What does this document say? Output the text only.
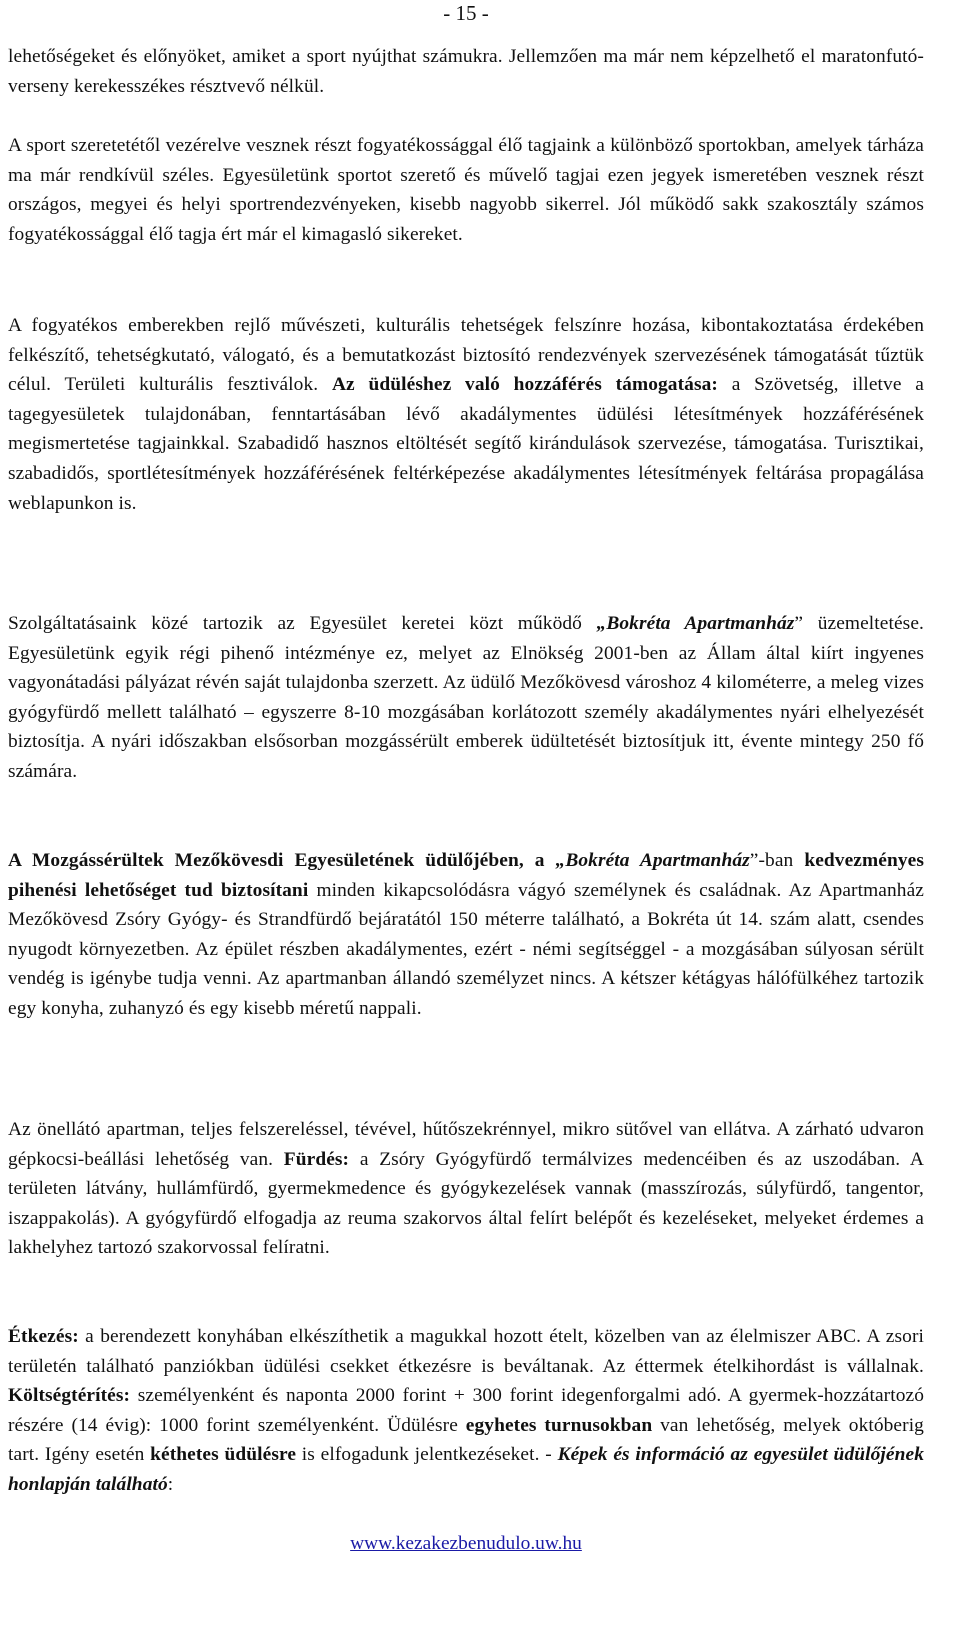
- 15 -

lehetőségeket és előnyöket, amiket a sport nyújthat számukra. Jellemzően ma már nem képzelhető el maratonfutó-verseny kerekesszékes résztvevő nélkül.

A sport szeretetétől vezérelve vesznek részt fogyatékossággal élő tagjaink a különböző sportokban, amelyek tárháza ma már rendkívül széles. Egyesületünk sportot szerető és művelő tagjai ezen jegyek ismeretében vesznek részt országos, megyei és helyi sportrendezvényeken, kisebb nagyobb sikerrel. Jól működő sakk szakosztály számos fogyatékossággal élő tagja ért már el kimagasló sikereket.

A fogyatékos emberekben rejlő művészeti, kulturális tehetségek felszínre hozása, kibontakoztatása érdekében felkészítő, tehetségkutató, válogató, és a bemutatkozást biztosító rendezvények szervezésének támogatását tűztük célul. Területi kulturális fesztiválok. Az üdüléshez való hozzáférés támogatása: a Szövetség, illetve a tagegyesületek tulajdonában, fenntartásában lévő akadálymentes üdülési létesítmények hozzáférésének megismertetése tagjainkkal. Szabadidő hasznos eltöltését segítő kirándulások szervezése, támogatása. Turisztikai, szabadidős, sportlétesítmények hozzáférésének feltérképezése akadálymentes létesítmények feltárása propagálása weblapunkon is.

Szolgáltatásaink közé tartozik az Egyesület keretei közt működő „Bokréta Apartmanház” üzemeltetése. Egyesületünk egyik régi pihenő intézménye ez, melyet az Elnökség 2001-ben az Állam által kiírt ingyenes vagyonátadási pályázat révén saját tulajdonba szerzett. Az üdülő Mezőkövesd városhoz 4 kilométerre, a meleg vizes gyógyfürdő mellett található – egyszerre 8-10 mozgásában korlátozott személy akadálymentes nyári elhelyezését biztosítja. A nyári időszakban elsősorban mozgássérült emberek üdültetését biztosítjuk itt, évente mintegy 250 fő számára.

A Mozgássérültek Mezőkövesdi Egyesületének üdülőjében, a „Bokréta Apartmanház”-ban kedvezményes pihenési lehetőséget tud biztosítani minden kikapcsolódásra vágyó személynek és családnak. Az Apartmanház Mezőkövesd Zsóry Gyógy- és Strandfürdő bejáratától 150 méterre található, a Bokréta út 14. szám alatt, csendes nyugodt környezetben. Az épület részben akadálymentes, ezért - némi segítséggel - a mozgásában súlyosan sérült vendég is igénybe tudja venni. Az apartmanban állandó személyzet nincs. A kétszer kétágyas hálófülkéhez tartozik egy konyha, zuhanyzó és egy kisebb méretű nappali.

Az önellátó apartman, teljes felszereléssel, tévével, hűtőszekrénnyel, mikro sütővel van ellátva. A zárható udvaron gépkocsi-beállási lehetőség van. Fürdés: a Zsóry Gyógyfürdő termálvizes medencéiben és az uszodában. A területen látvány, hullámfürdő, gyermekmedence és gyógykezelések vannak (masszírozás, súlyfürdő, tangentor, iszappakolás). A gyógyfürdő elfogadja az reuma szakorvos által felírt belépőt és kezeléseket, melyeket érdemes a lakhelyhez tartozó szakorvossal felíratni.

Étkezés: a berendezett konyhában elkészíthetik a magukkal hozott ételt, közelben van az élelmiszer ABC. A zsori területén található panziókban üdülési csekket étkezésre is beváltanak. Az éttermek ételkihordást is vállalnak. Költségtérítés: személyenként és naponta 2000 forint + 300 forint idegenforgalmi adó. A gyermek-hozzátartozó részére (14 évig): 1000 forint személyenként. Üdülésre egyhetes turnusokban van lehetőség, melyek októberig tart. Igény esetén kéthetes üdülésre is elfogadunk jelentkezéseket. - Képek és információ az egyesület üdülőjének honlapján található:

www.kezakezbenudulo.uw.hu
